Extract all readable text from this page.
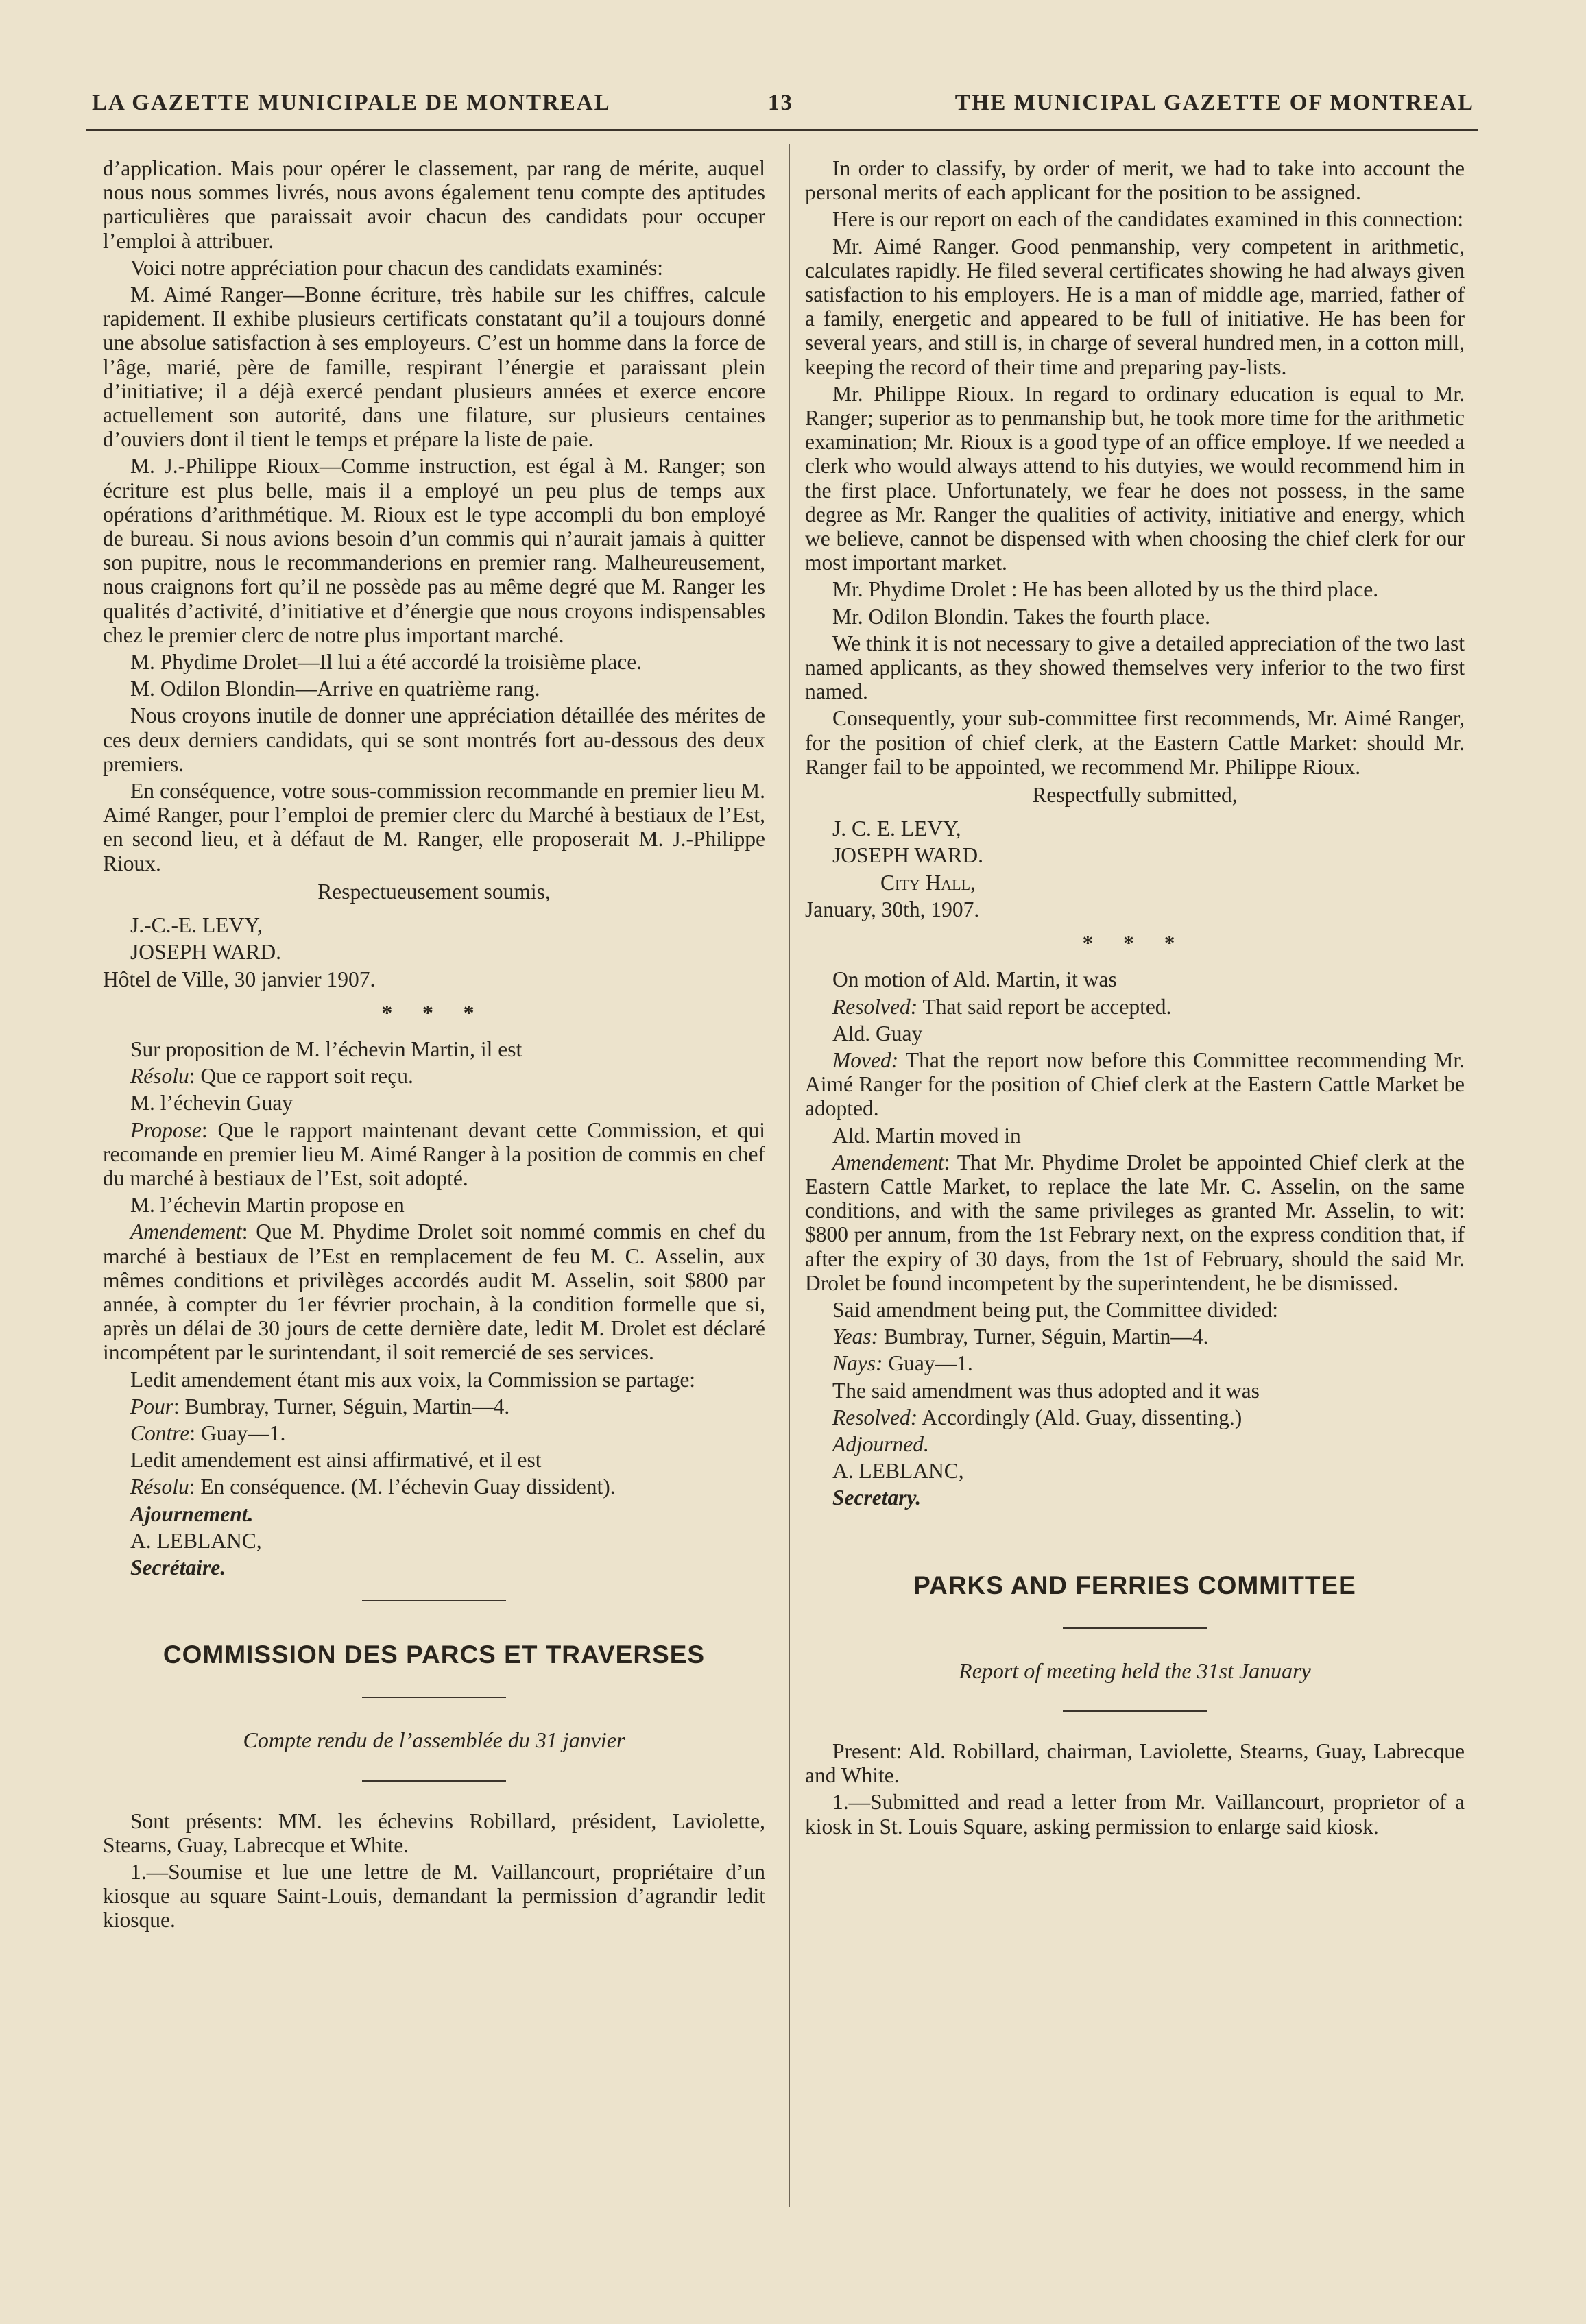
LA GAZETTE MUNICIPALE DE MONTREAL	13	THE MUNICIPAL GAZETTE OF MONTREAL

d’application. Mais pour opérer le classement, par rang de mérite, auquel nous nous sommes livrés, nous avons également tenu compte des aptitudes particulières que paraissait avoir chacun des candidats pour occuper l’emploi à attribuer.

Voici notre appréciation pour chacun des candidats examinés:

M. Aimé Ranger—Bonne écriture, très habile sur les chiffres, calcule rapidement. Il exhibe plusieurs certificats constatant qu’il a toujours donné une absolue satisfaction à ses employeurs. C’est un homme dans la force de l’âge, marié, père de famille, respirant l’énergie et paraissant plein d’initiative; il a déjà exercé pendant plusieurs années et exerce encore actuellement son autorité, dans une filature, sur plusieurs centaines d’ouviers dont il tient le temps et prépare la liste de paie.

M. J.-Philippe Rioux—Comme instruction, est égal à M. Ranger; son écriture est plus belle, mais il a employé un peu plus de temps aux opérations d’arithmétique. M. Rioux est le type accompli du bon employé de bureau. Si nous avions besoin d’un commis qui n’aurait jamais à quitter son pupitre, nous le recommanderions en premier rang. Malheureusement, nous craignons fort qu’il ne possède pas au même degré que M. Ranger les qualités d’activité, d’initiative et d’énergie que nous croyons indispensables chez le premier clerc de notre plus important marché.

M. Phydime Drolet—Il lui a été accordé la troisième place.

M. Odilon Blondin—Arrive en quatrième rang.

Nous croyons inutile de donner une appréciation détaillée des mérites de ces deux derniers candidats, qui se sont montrés fort au-dessous des deux premiers.

En conséquence, votre sous-commission recommande en premier lieu M. Aimé Ranger, pour l’emploi de premier clerc du Marché à bestiaux de l’Est, en second lieu, et à défaut de M. Ranger, elle proposerait M. J.-Philippe Rioux.

Respectueusement soumis,

J.-C.-E. LEVY,

JOSEPH WARD.

Hôtel de Ville, 30 janvier 1907.

* * *

Sur proposition de M. l’échevin Martin, il est

Résolu: Que ce rapport soit reçu.

M. l’échevin Guay

Propose: Que le rapport maintenant devant cette Commission, et qui recomande en premier lieu M. Aimé Ranger à la position de commis en chef du marché à bestiaux de l’Est, soit adopté.

M. l’échevin Martin propose en

Amendement: Que M. Phydime Drolet soit nommé commis en chef du marché à bestiaux de l’Est en remplacement de feu M. C. Asselin, aux mêmes conditions et privilèges accordés audit M. Asselin, soit $800 par année, à compter du 1er février prochain, à la condition formelle que si, après un délai de 30 jours de cette dernière date, ledit M. Drolet est déclaré incompétent par le surintendant, il soit remercié de ses services.

Ledit amendement étant mis aux voix, la Commission se partage:

Pour: Bumbray, Turner, Séguin, Martin—4.

Contre: Guay—1.

Ledit amendement est ainsi affirmativé, et il est

Résolu: En conséquence. (M. l’échevin Guay dissident).

Ajournement.

A. LEBLANC,

Secrétaire.

COMMISSION DES PARCS ET TRAVERSES
Compte rendu de l’assemblée du 31 janvier

Sont présents: MM. les échevins Robillard, président, Laviolette, Stearns, Guay, Labrecque et White.

1.—Soumise et lue une lettre de M. Vaillancourt, propriétaire d’un kiosque au square Saint-Louis, demandant la permission d’agrandir ledit kiosque.

In order to classify, by order of merit, we had to take into account the personal merits of each applicant for the position to be assigned.

Here is our report on each of the candidates examined in this connection:

Mr. Aimé Ranger. Good penmanship, very competent in arithmetic, calculates rapidly. He filed several certificates showing he had always given satisfaction to his employers. He is a man of middle age, married, father of a family, energetic and appeared to be full of initiative. He has been for several years, and still is, in charge of several hundred men, in a cotton mill, keeping the record of their time and preparing pay-lists.

Mr. Philippe Rioux. In regard to ordinary education is equal to Mr. Ranger; superior as to penmanship but, he took more time for the arithmetic examination; Mr. Rioux is a good type of an office employe. If we needed a clerk who would always attend to his dutyies, we would recommend him in the first place. Unfortunately, we fear he does not possess, in the same degree as Mr. Ranger the qualities of activity, initiative and energy, which we believe, cannot be dispensed with when choosing the chief clerk for our most important market.

Mr. Phydime Drolet : He has been alloted by us the third place.

Mr. Odilon Blondin. Takes the fourth place.

We think it is not necessary to give a detailed appreciation of the two last named applicants, as they showed themselves very inferior to the two first named.

Consequently, your sub-committee first recommends, Mr. Aimé Ranger, for the position of chief clerk, at the Eastern Cattle Market: should Mr. Ranger fail to be appointed, we recommend Mr. Philippe Rioux.

Respectfully submitted,

J. C. E. LEVY,

JOSEPH WARD.

City Hall,

January, 30th, 1907.

* * *

On motion of Ald. Martin, it was

Resolved: That said report be accepted.

Ald. Guay

Moved: That the report now before this Committee recommending Mr. Aimé Ranger for the position of Chief clerk at the Eastern Cattle Market be adopted.

Ald. Martin moved in

Amendement: That Mr. Phydime Drolet be appointed Chief clerk at the Eastern Cattle Market, to replace the late Mr. C. Asselin, on the same conditions, and with the same privileges as granted Mr. Asselin, to wit: $800 per annum, from the 1st Febrary next, on the express condition that, if after the expiry of 30 days, from the 1st of February, should the said Mr. Drolet be found incompetent by the superintendent, he be dismissed.

Said amendment being put, the Committee divided:

Yeas: Bumbray, Turner, Séguin, Martin—4.

Nays: Guay—1.

The said amendment was thus adopted and it was

Resolved: Accordingly (Ald. Guay, dissenting.)

Adjourned.

A. LEBLANC,

Secretary.

PARKS AND FERRIES COMMITTEE
Report of meeting held the 31st January

Present: Ald. Robillard, chairman, Laviolette, Stearns, Guay, Labrecque and White.

1.—Submitted and read a letter from Mr. Vaillancourt, proprietor of a kiosk in St. Louis Square, asking permission to enlarge said kiosk.
